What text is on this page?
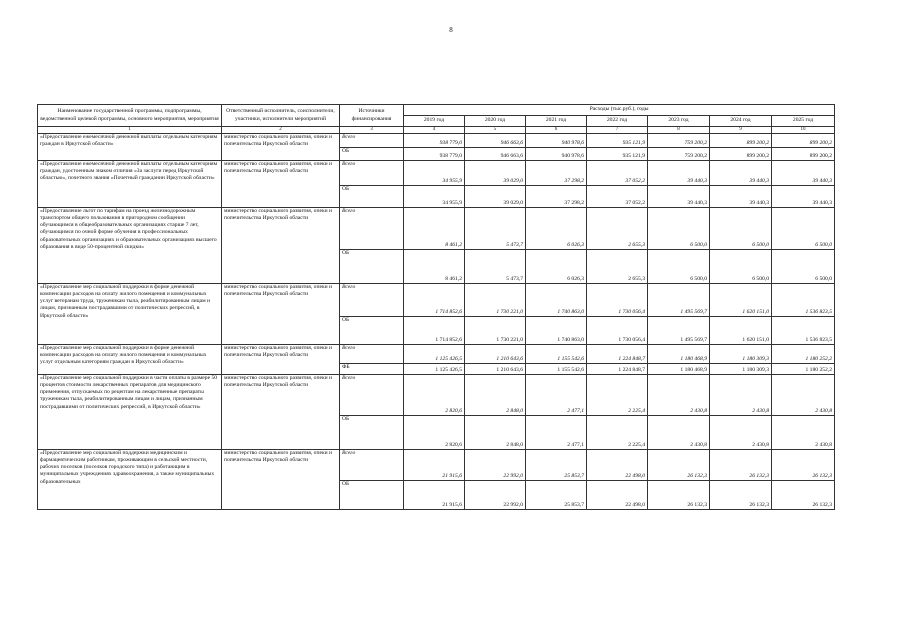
8
Наименование государственной программы, подпрограммы, ведомственной целевой программы, основного мероприятия, мероприятия	Ответственный исполнитель, соисполнители, участники, исполнители мероприятий	Источники финансирования	Расходы (тыс.руб.), годы						
			2019 год	2020 год	2021 год	2022 год	2023 год	2024 год	2025 год
1	2	3	4	5	6	7	8	9	10
«Предоставление ежемесячной денежной выплаты отдельным категориям граждан в Иркутской области»	министерство социального развития, опеки и попечительства Иркутской области	Всего	938 779,0	946 663,6	940 978,6	935 121,9	759 200,2	899 200,2	899 200,2
		ОБ	938 779,0	946 663,6	940 978,6	935 121,9	759 200,2	899 200,2	899 200,2
«Предоставление ежемесячной денежной выплаты отдельным категориям граждан, удостоенным знаком отличия «За заслуги перед Иркутской областью», почетного звания «Почетный гражданин Иркутской области»	министерство социального развития, опеки и попечительства Иркутской области	Всего	34 955,9	39 029,0	37 298,2	37 052,2	39 440,3	39 440,3	39 440,3
		ОБ	34 955,9	39 029,0	37 298,2	37 052,2	39 440,3	39 440,3	39 440,3
«Предоставление льгот по тарифам на проезд железнодорожным транспортом общего пользования в пригородном сообщении обучающимся в общеобразовательных организациях старше 7 лет, обучающимся по очной форме обучения в профессиональных образовательных организациях и образовательных организациях высшего образования в виде 50-процентной скидки»	министерство социального развития, опеки и попечительства Иркутской области	Всего	8 461,2	5 473,7	6 026,3	2 655,3	6 500,0	6 500,0	6 500,0
		ОБ	8 461,2	5 473,7	6 026,3	2 655,3	6 500,0	6 500,0	6 500,0
«Предоставление мер социальной поддержки в форме денежной компенсации расходов на оплату жилого помещения и коммунальных услуг ветеранам труда, труженикам тыла, реабилитированным лицам и лицам, признанным пострадавшими от политических репрессий, в Иркутской области»	министерство социального развития, опеки и попечительства Иркутской области	Всего	1 714 852,6	1 730 221,0	1 740 863,0	1 730 056,4	1 495 569,7	1 620 151,0	1 536 823,5
		ОБ	1 714 852,6	1 730 221,0	1 740 863,0	1 730 056,4	1 495 569,7	1 620 151,0	1 536 823,5
«Предоставление мер социальной поддержки в форме денежной компенсации расходов на оплату жилого помещения и коммунальных услуг отдельным категориям граждан в Иркутской области»	министерство социального развития, опеки и попечительства Иркутской области	Всего	1 125 426,5	1 210 643,6	1 155 542,6	1 224 848,7	1 180 468,9	1 180 309,3	1 180 252,2
		ФБ	1 125 426,5	1 210 643,6	1 155 542,6	1 224 848,7	1 180 468,9	1 180 309,3	1 180 252,2
«Предоставление мер социальной поддержки в части оплаты в размере 50 процентов стоимости лекарственных препаратов для медицинского применения, отпускаемых по рецептам на лекарственные препараты труженикам тыла, реабилитированным лицам и лицам, признанным пострадавшими от политических репрессий, в Иркутской области»	министерство социального развития, опеки и попечительства Иркутской области	Всего	2 820,6	2 848,0	2 477,1	2 225,4	2 430,8	2 430,8	2 430,8
		ОБ	2 820,6	2 848,0	2 477,1	2 225,4	2 430,8	2 430,8	2 430,8
«Предоставление мер социальной поддержки медицинским и фармацевтическим работникам, проживающим в сельской местности, рабочих поселков (поселков городского типа) и работающим в муниципальных учреждениях здравоохранения, а также муниципальных образовательных	министерство социального развития, опеки и попечительства Иркутской области	Всего	21 915,6	22 992,0	25 853,7	22 498,0	26 132,3	26 132,3	26 132,3
		ОБ	21 915,6	22 992,0	25 853,7	22 498,0	26 132,3	26 132,3	26 132,3
